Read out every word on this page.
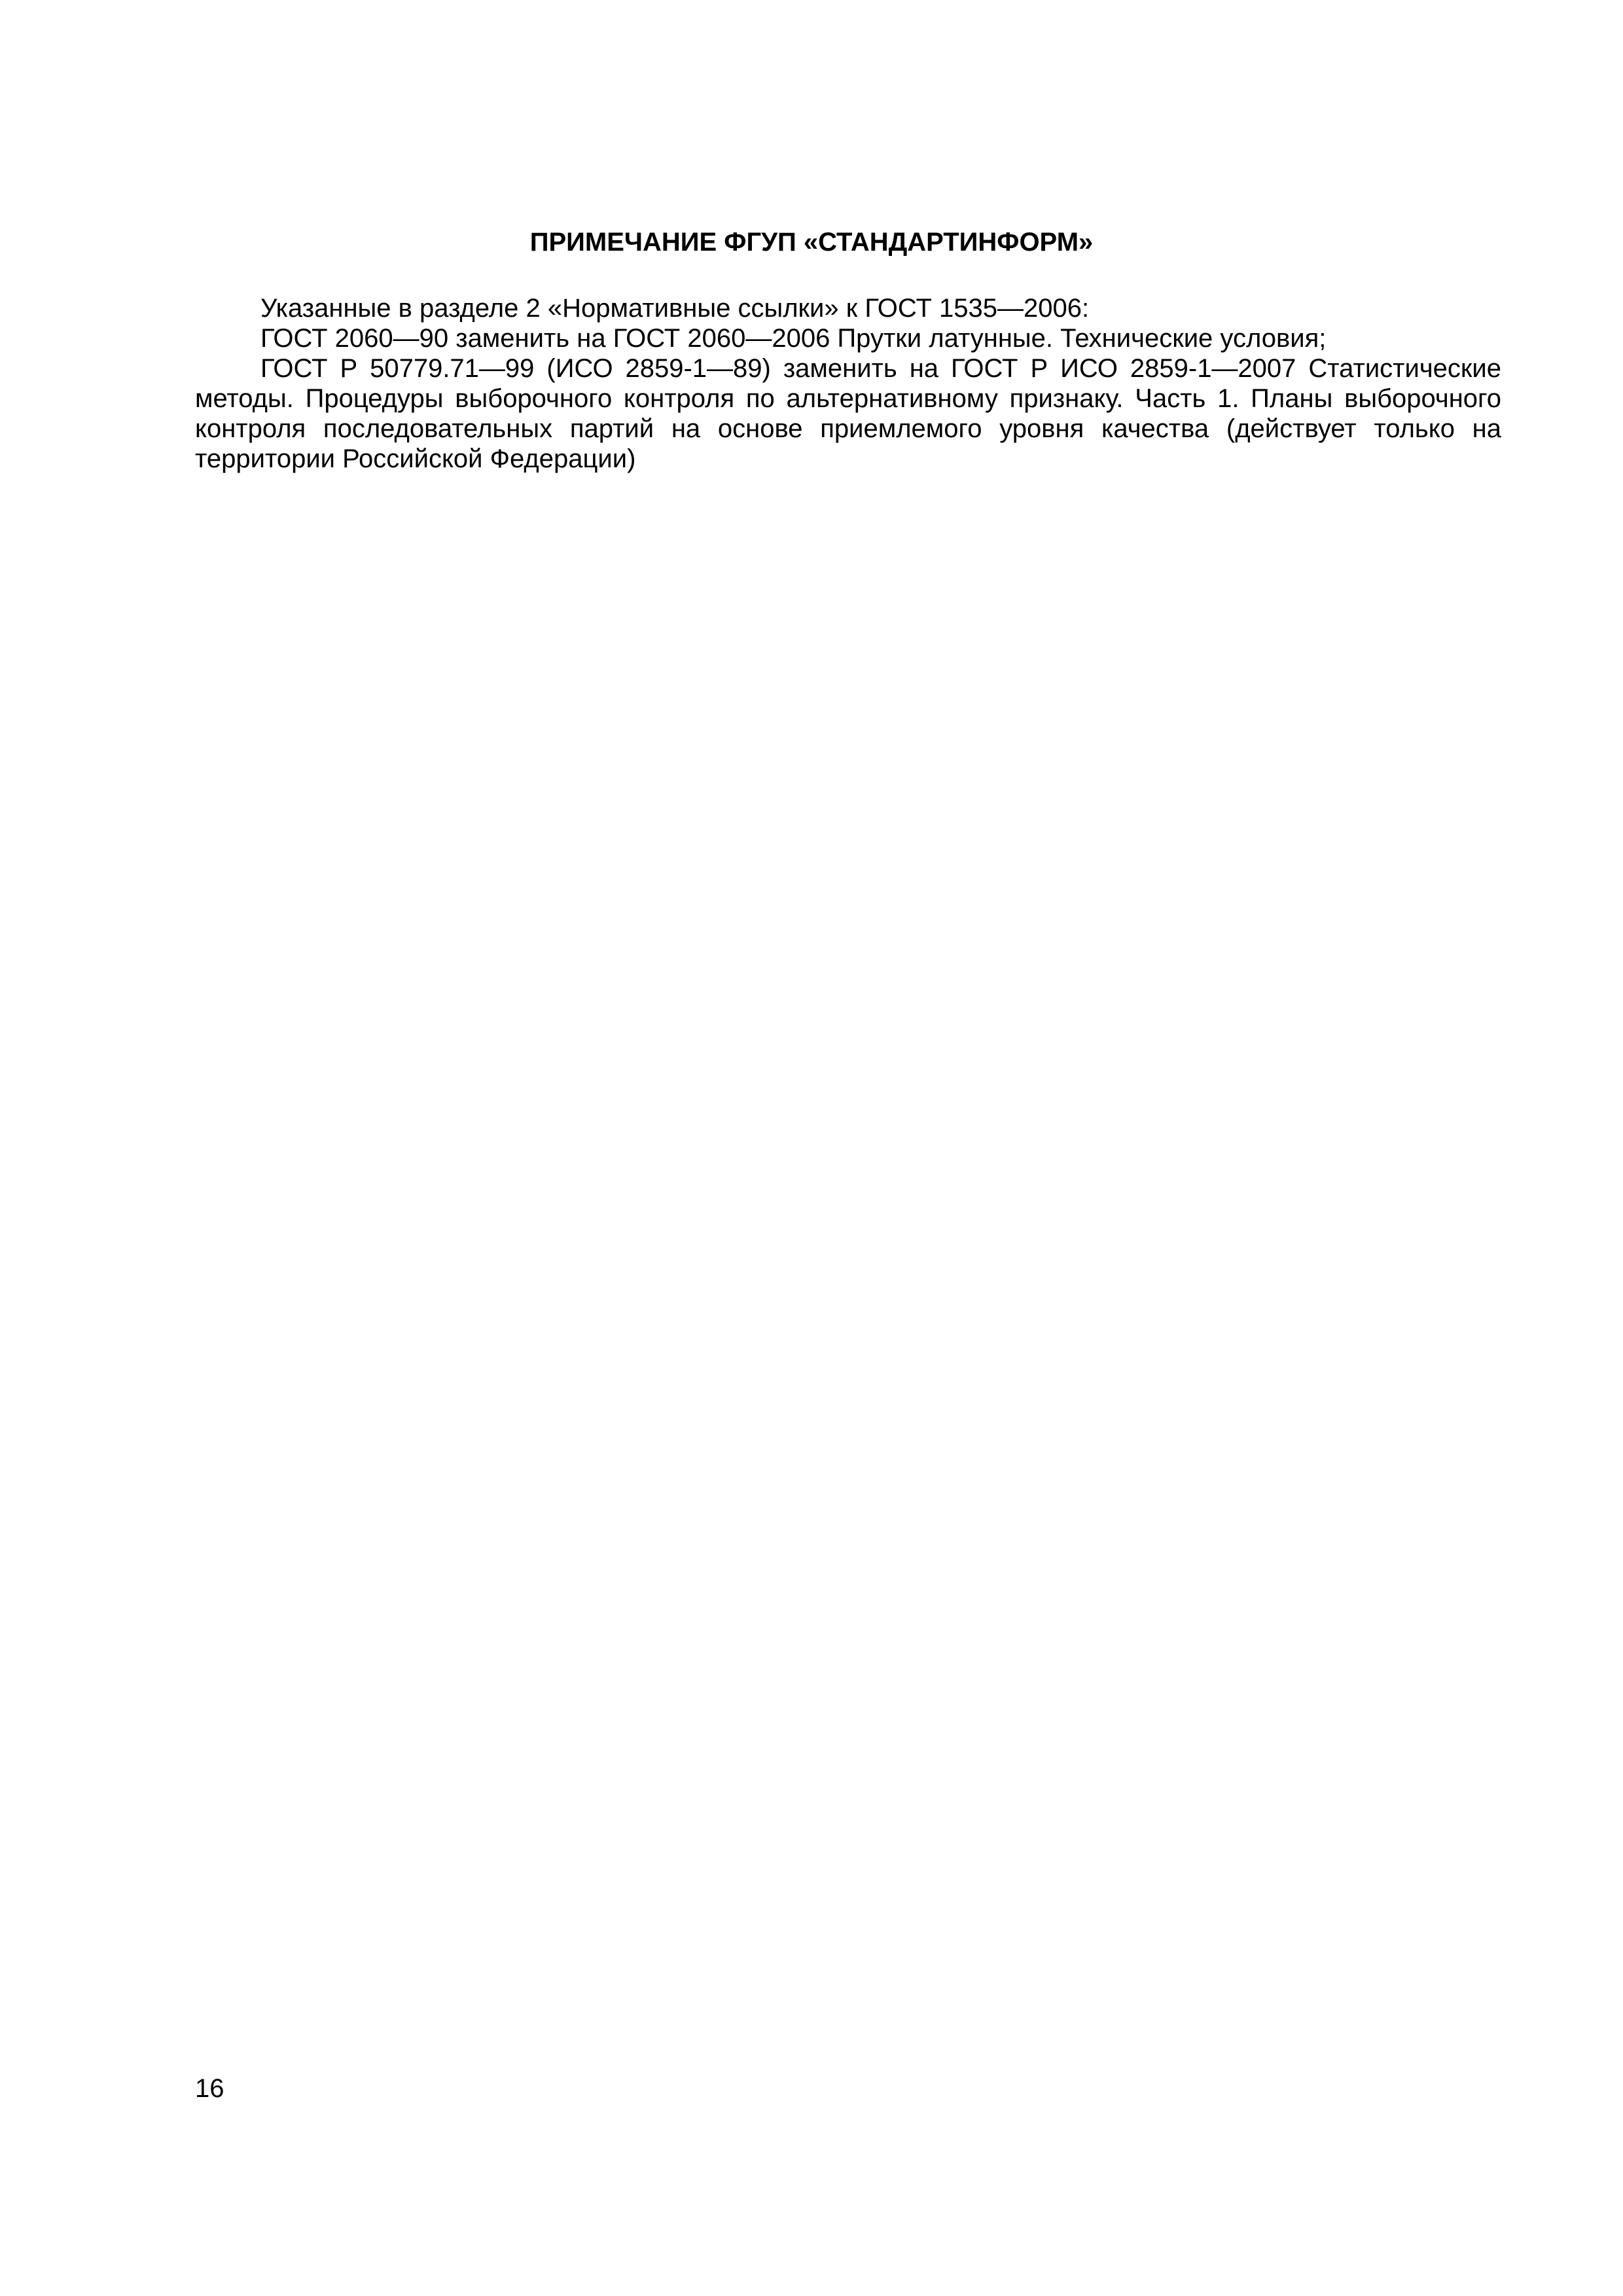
ПРИМЕЧАНИЕ ФГУП «СТАНДАРТИНФОРМ»

Указанные в разделе 2 «Нормативные ссылки» к ГОСТ 1535—2006:

ГОСТ 2060—90 заменить на ГОСТ 2060—2006 Прутки латунные. Технические условия;

ГОСТ Р 50779.71—99 (ИСО 2859-1—89) заменить на ГОСТ Р ИСО 2859-1—2007 Статистические методы. Процедуры выборочного контроля по альтернативному признаку. Часть 1. Планы выборочного контроля последовательных партий на основе приемлемого уровня качества (действует только на территории Российской Федерации)

16
